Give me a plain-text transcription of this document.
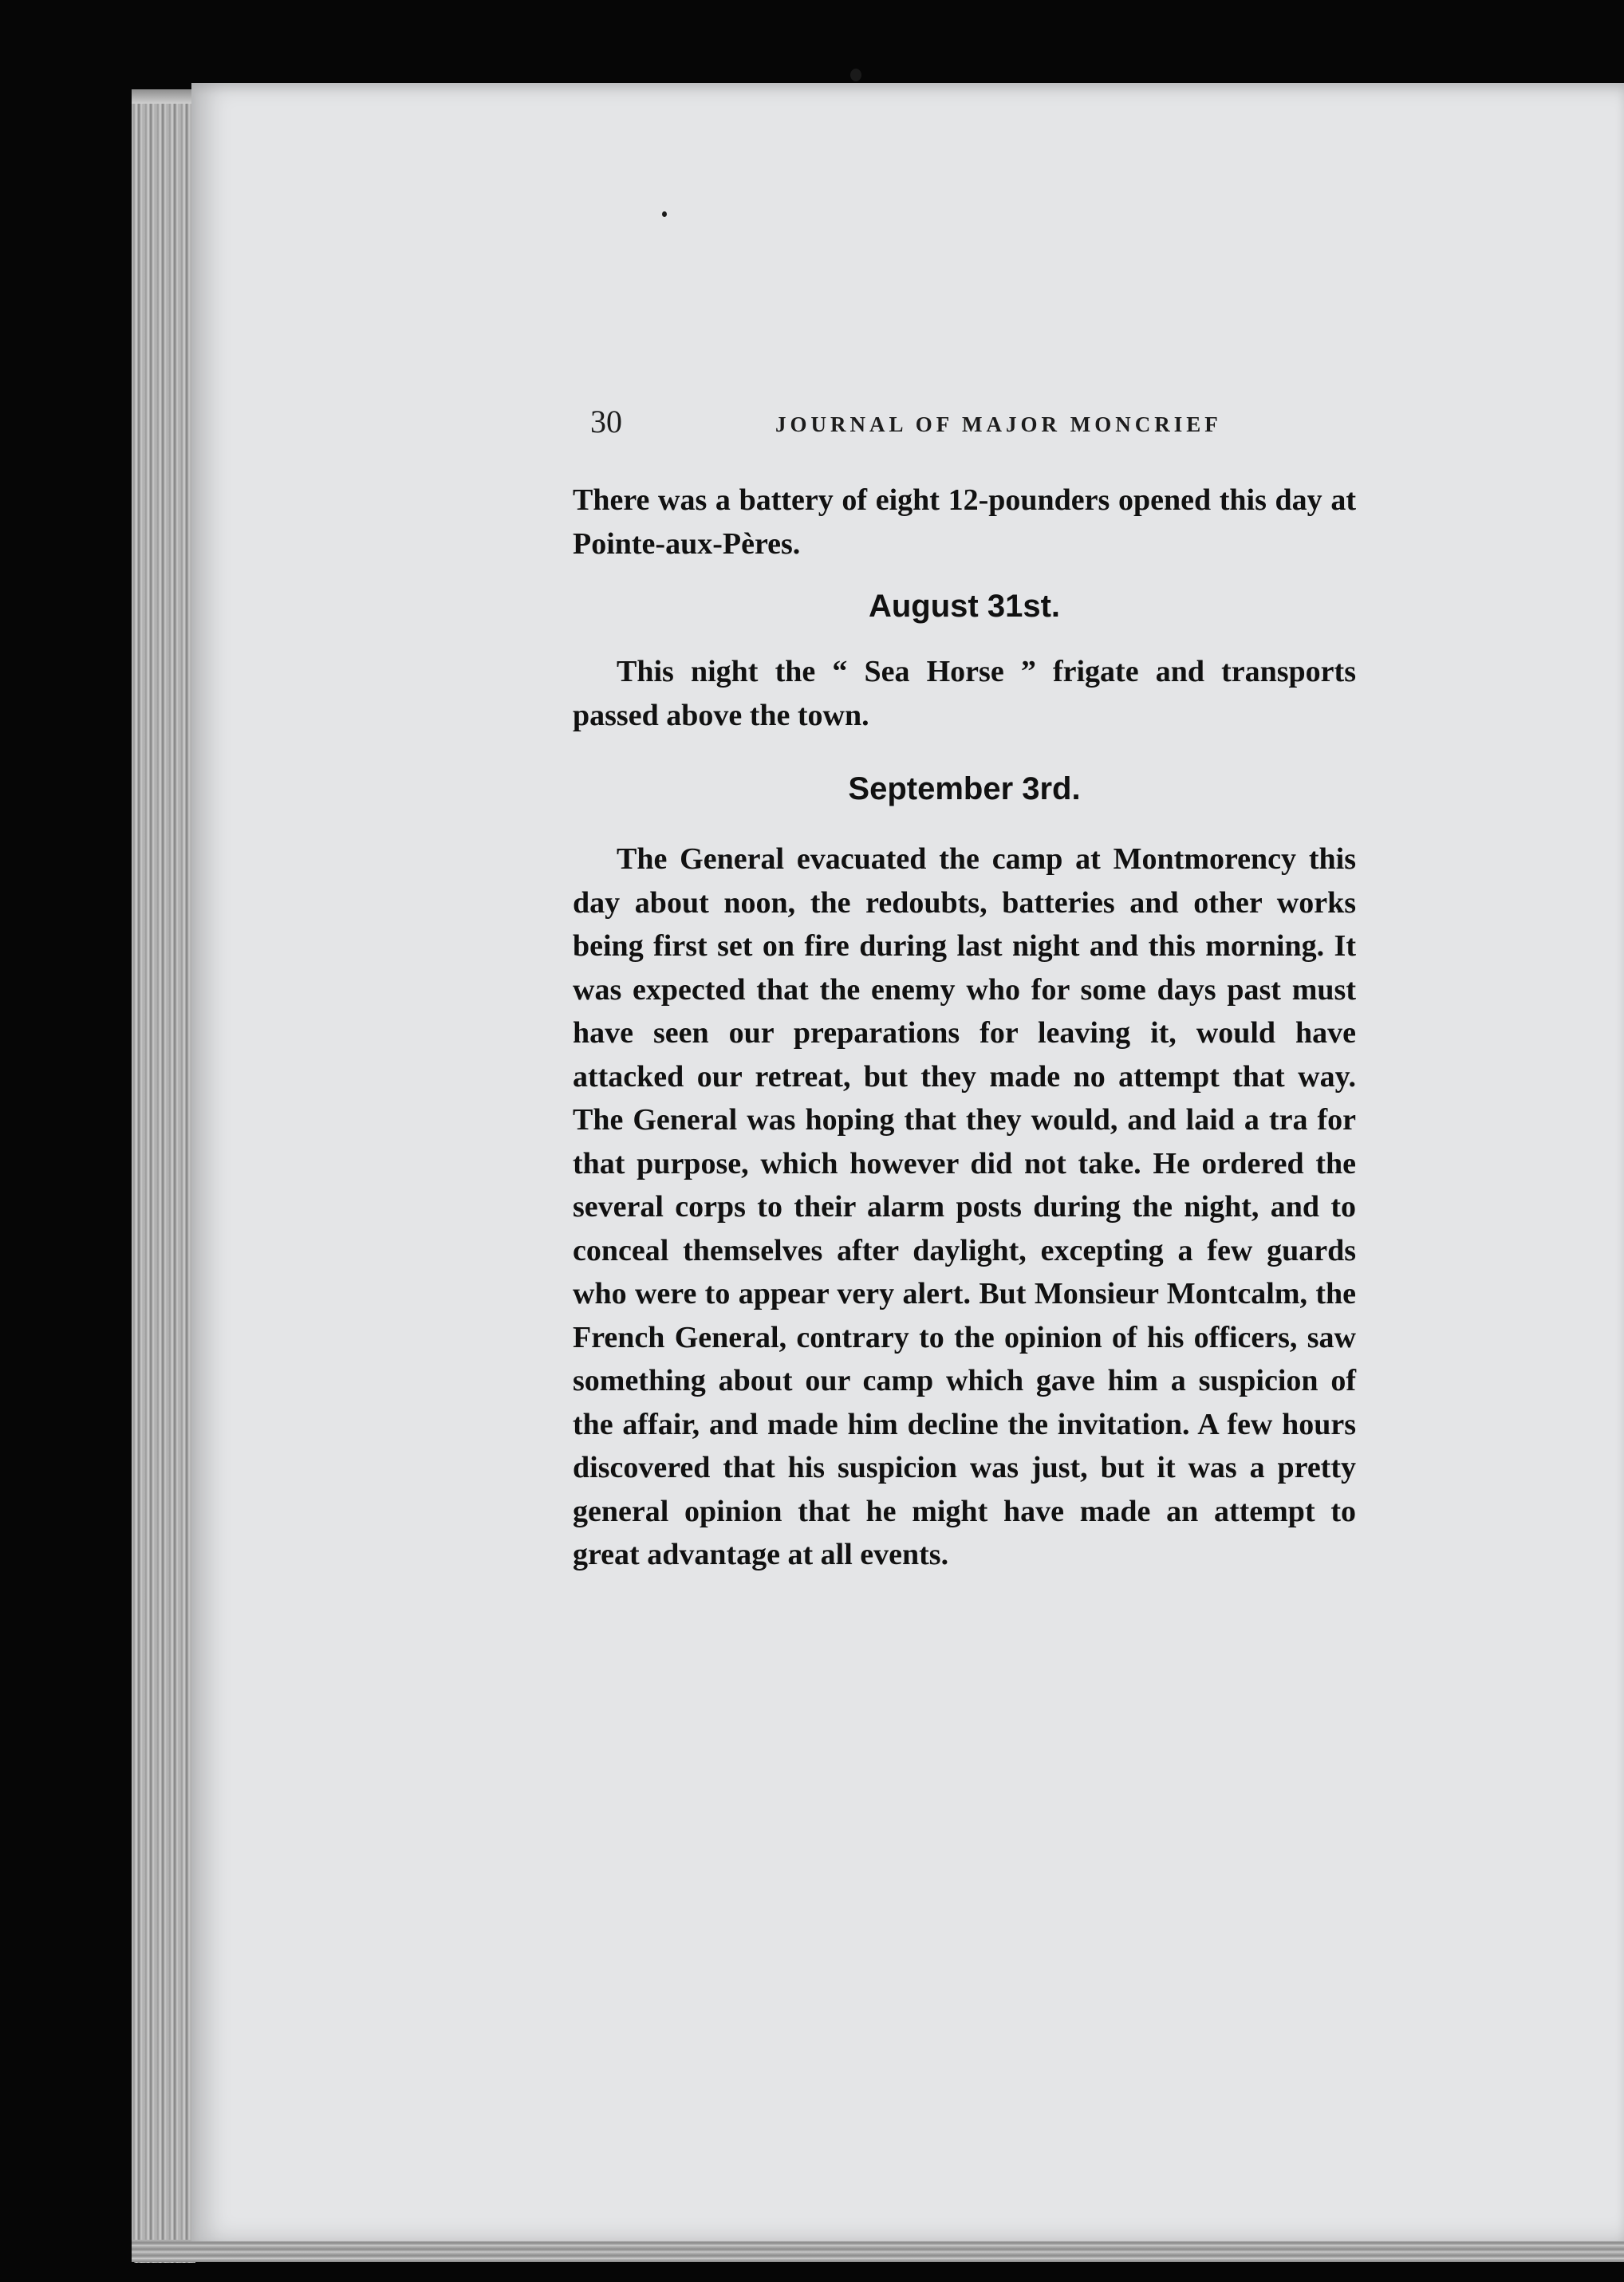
30	JOURNAL OF MAJOR MONCRIEF

There was a battery of eight 12-pounders opened this day at Pointe-aux-Pères.

August 31st.

This night the “ Sea Horse ” frigate and transports passed above the town.

September 3rd.

The General evacuated the camp at Montmorency this day about noon, the redoubts, batteries and other works being first set on fire during last night and this morning. It was expected that the enemy who for some days past must have seen our preparations for leaving it, would have attacked our retreat, but they made no attempt that way. The General was hoping that they would, and laid a tra for that purpose, which however did not take. He ordered the several corps to their alarm posts during the night, and to conceal themselves after daylight, excepting a few guards who were to appear very alert. But Monsieur Montcalm, the French General, contrary to the opinion of his officers, saw something about our camp which gave him a suspicion of the affair, and made him decline the invitation. A few hours discovered that his suspicion was just, but it was a pretty general opinion that he might have made an attempt to great advantage at all events.
